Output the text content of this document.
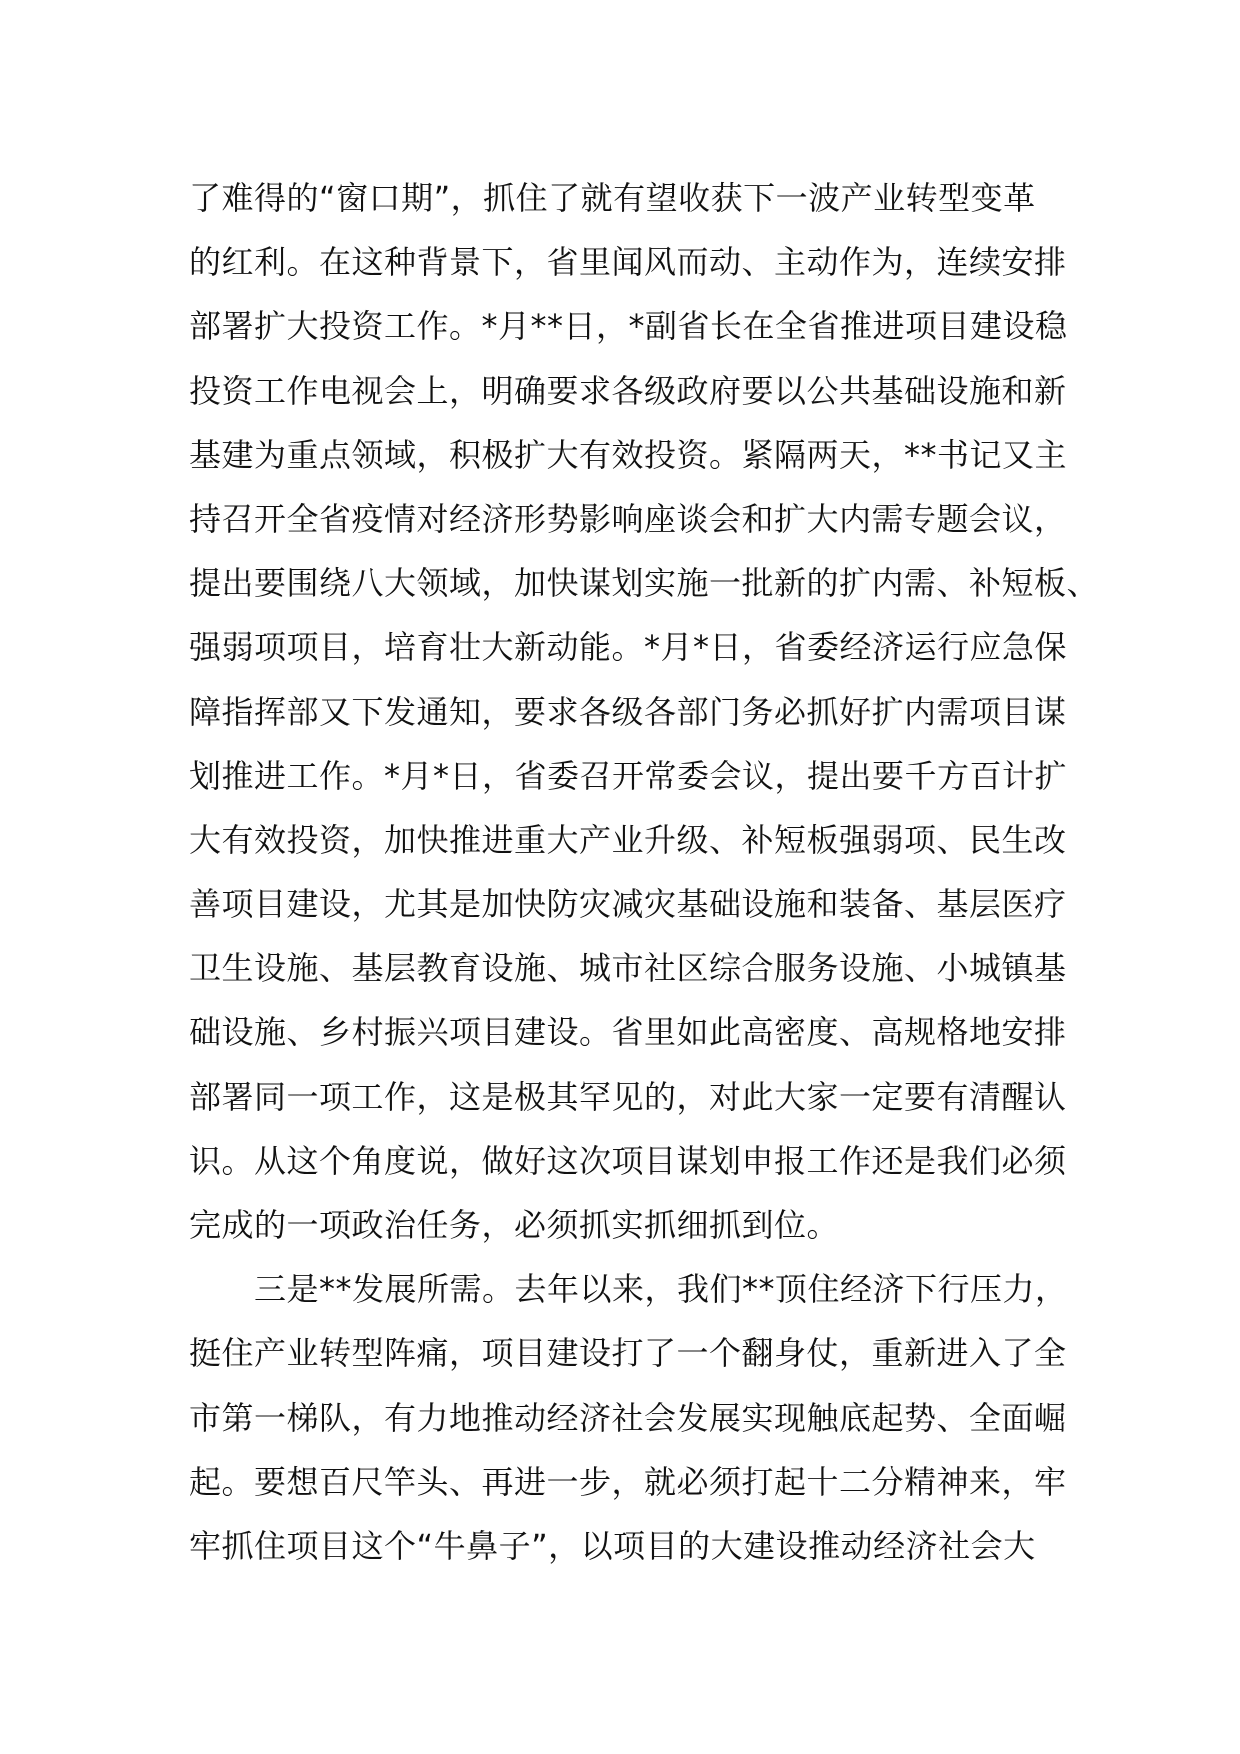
了难得的“窗口期”，抓住了就有望收获下一波产业转型变革
的红利。在这种背景下，省里闻风而动、主动作为，连续安排
部署扩大投资工作。*月**日，*副省长在全省推进项目建设稳
投资工作电视会上，明确要求各级政府要以公共基础设施和新
基建为重点领域，积极扩大有效投资。紧隔两天，**书记又主
持召开全省疫情对经济形势影响座谈会和扩大内需专题会议，
提出要围绕八大领域，加快谋划实施一批新的扩内需、补短板、
强弱项项目，培育壮大新动能。*月*日，省委经济运行应急保
障指挥部又下发通知，要求各级各部门务必抓好扩内需项目谋
划推进工作。*月*日，省委召开常委会议，提出要千方百计扩
大有效投资，加快推进重大产业升级、补短板强弱项、民生改
善项目建设，尤其是加快防灾减灾基础设施和装备、基层医疗
卫生设施、基层教育设施、城市社区综合服务设施、小城镇基
础设施、乡村振兴项目建设。省里如此高密度、高规格地安排
部署同一项工作，这是极其罕见的，对此大家一定要有清醒认
识。从这个角度说，做好这次项目谋划申报工作还是我们必须
完成的一项政治任务，必须抓实抓细抓到位。
　　三是**发展所需。去年以来，我们**顶住经济下行压力，
挺住产业转型阵痛，项目建设打了一个翻身仗，重新进入了全
市第一梯队，有力地推动经济社会发展实现触底起势、全面崛
起。要想百尺竿头、再进一步，就必须打起十二分精神来，牢
牢抓住项目这个“牛鼻子”，以项目的大建设推动经济社会大
